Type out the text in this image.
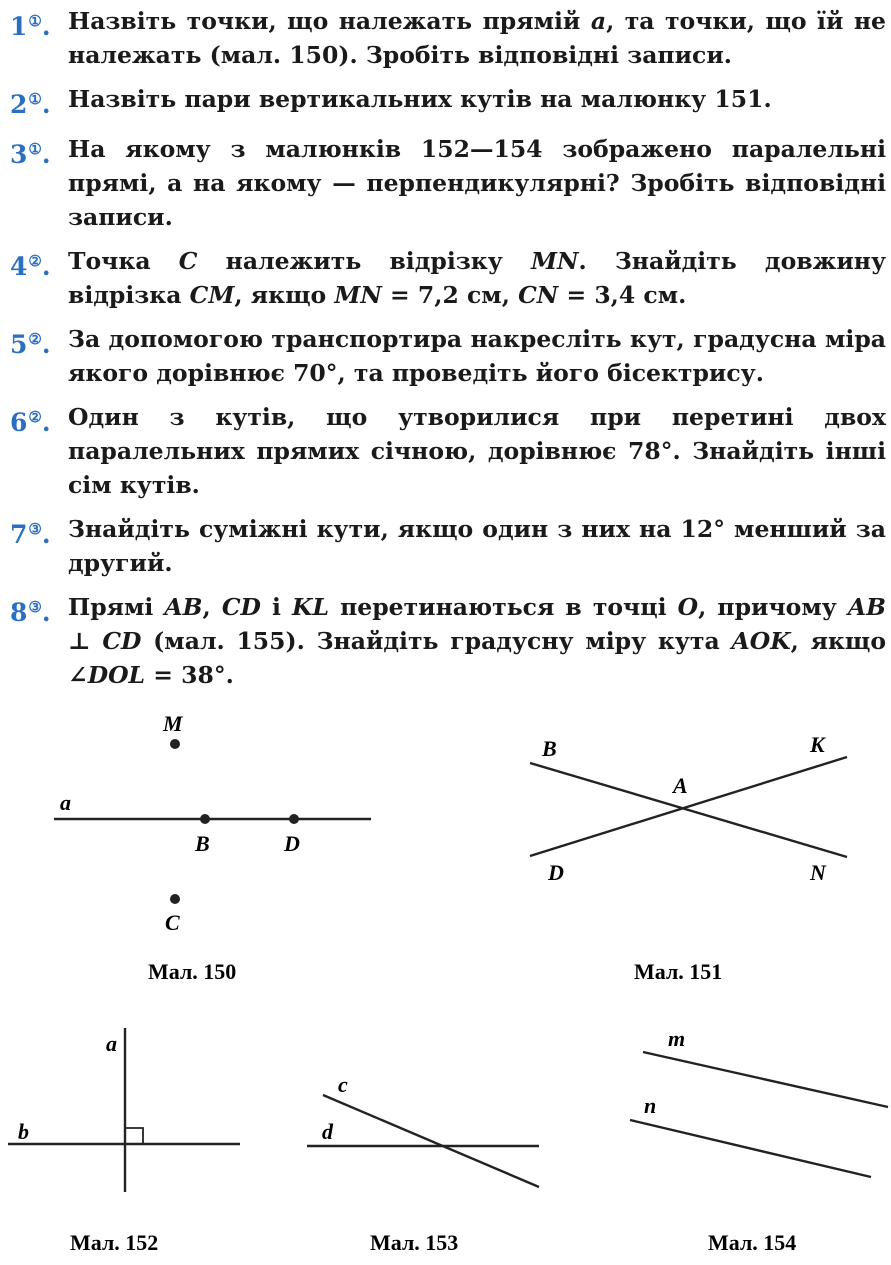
1①. Назвіть точки, що належать прямій a, та точки, що їй не належать (мал. 150). Зробіть відповідні записи.
2①. Назвіть пари вертикальних кутів на малюнку 151.
3①. На якому з малюнків 152—154 зображено паралельні прямі, а на якому — перпендикулярні? Зробіть відповідні записи.
4②. Точка C належить відрізку MN. Знайдіть довжину відрізка CM, якщо MN = 7,2 см, CN = 3,4 см.
5②. За допомогою транспортира накресліть кут, градусна міра якого дорівнює 70°, та проведіть його бісектрису.
6②. Один з кутів, що утворилися при перетині двох паралельних прямих січною, дорівнює 78°. Знайдіть інші сім кутів.
7③. Знайдіть суміжні кути, якщо один з них на 12° менший за другий.
8③. Прямі AB, CD і KL перетинаються в точці O, причому AB ⊥ CD (мал. 155). Знайдіть градусну міру кута AOK, якщо ∠DOL = 38°.
a
M
B	D
C
Мал. 150
B	K
A
D	N
Мал. 151
a
b
Мал. 152
c
d
Мал. 153
m
n
Мал. 154
